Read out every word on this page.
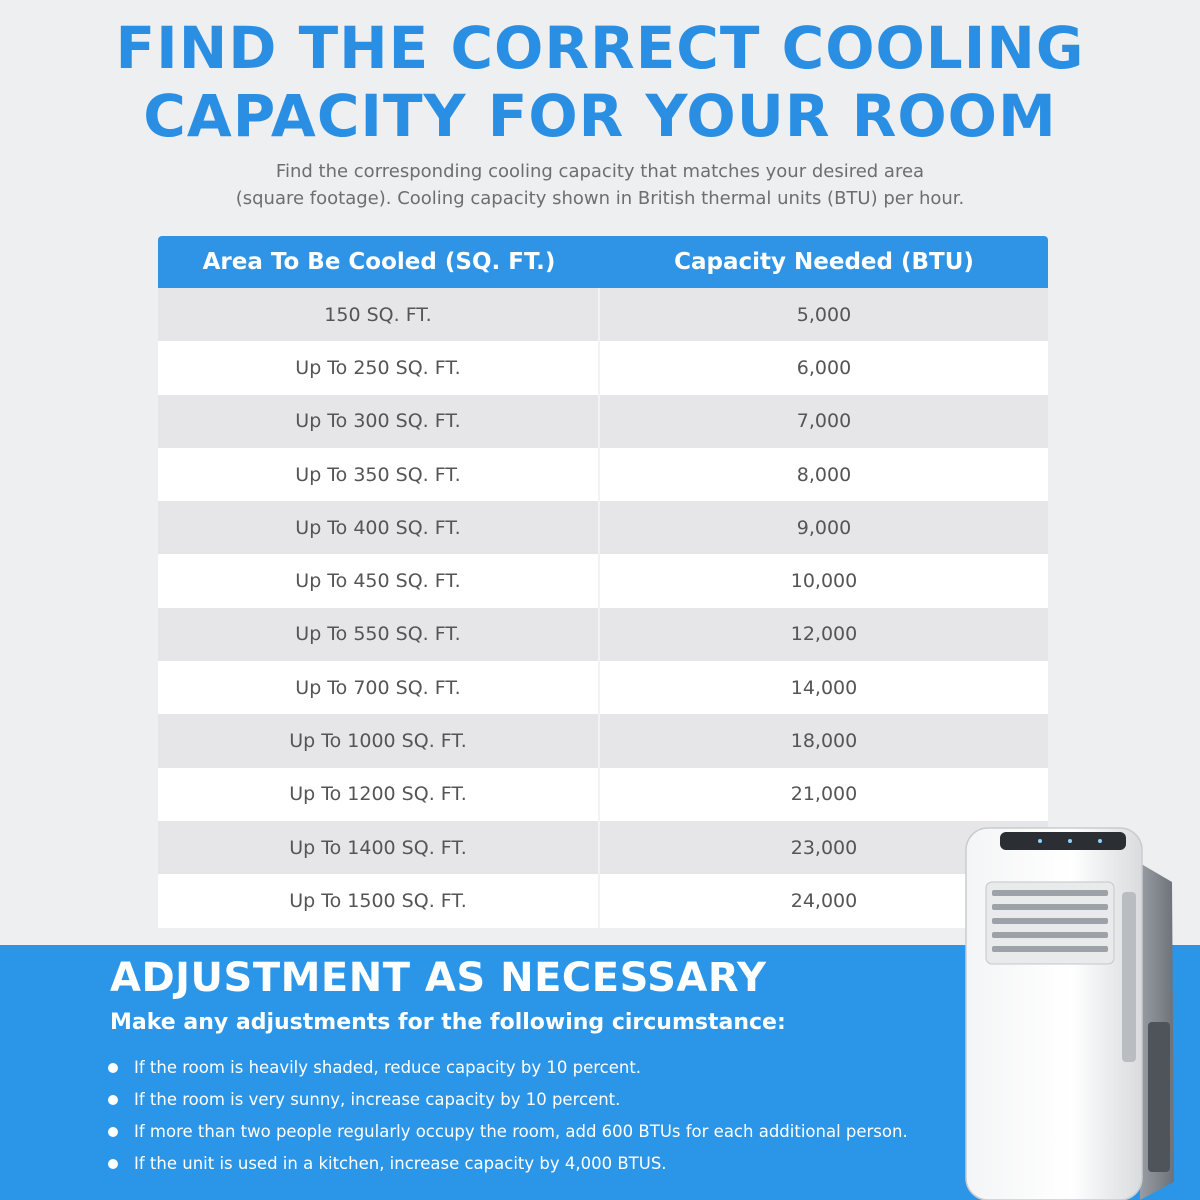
FIND THE CORRECT COOLING
CAPACITY FOR YOUR ROOM
Find the corresponding cooling capacity that matches your desired area
(square footage). Cooling capacity shown in British thermal units (BTU) per hour.
Area To Be Cooled (SQ. FT.)	Capacity Needed (BTU)
150 SQ. FT.	5,000
Up To 250 SQ. FT.	6,000
Up To 300 SQ. FT.	7,000
Up To 350 SQ. FT.	8,000
Up To 400 SQ. FT.	9,000
Up To 450 SQ. FT.	10,000
Up To 550 SQ. FT.	12,000
Up To 700 SQ. FT.	14,000
Up To 1000 SQ. FT.	18,000
Up To 1200 SQ. FT.	21,000
Up To 1400 SQ. FT.	23,000
Up To 1500 SQ. FT.	24,000
ADJUSTMENT AS NECESSARY
Make any adjustments for the following circumstance:
If the room is heavily shaded, reduce capacity by 10 percent.
If the room is very sunny, increase capacity by 10 percent.
If more than two people regularly occupy the room, add 600 BTUs for each additional person.
If the unit is used in a kitchen, increase capacity by 4,000 BTUS.
